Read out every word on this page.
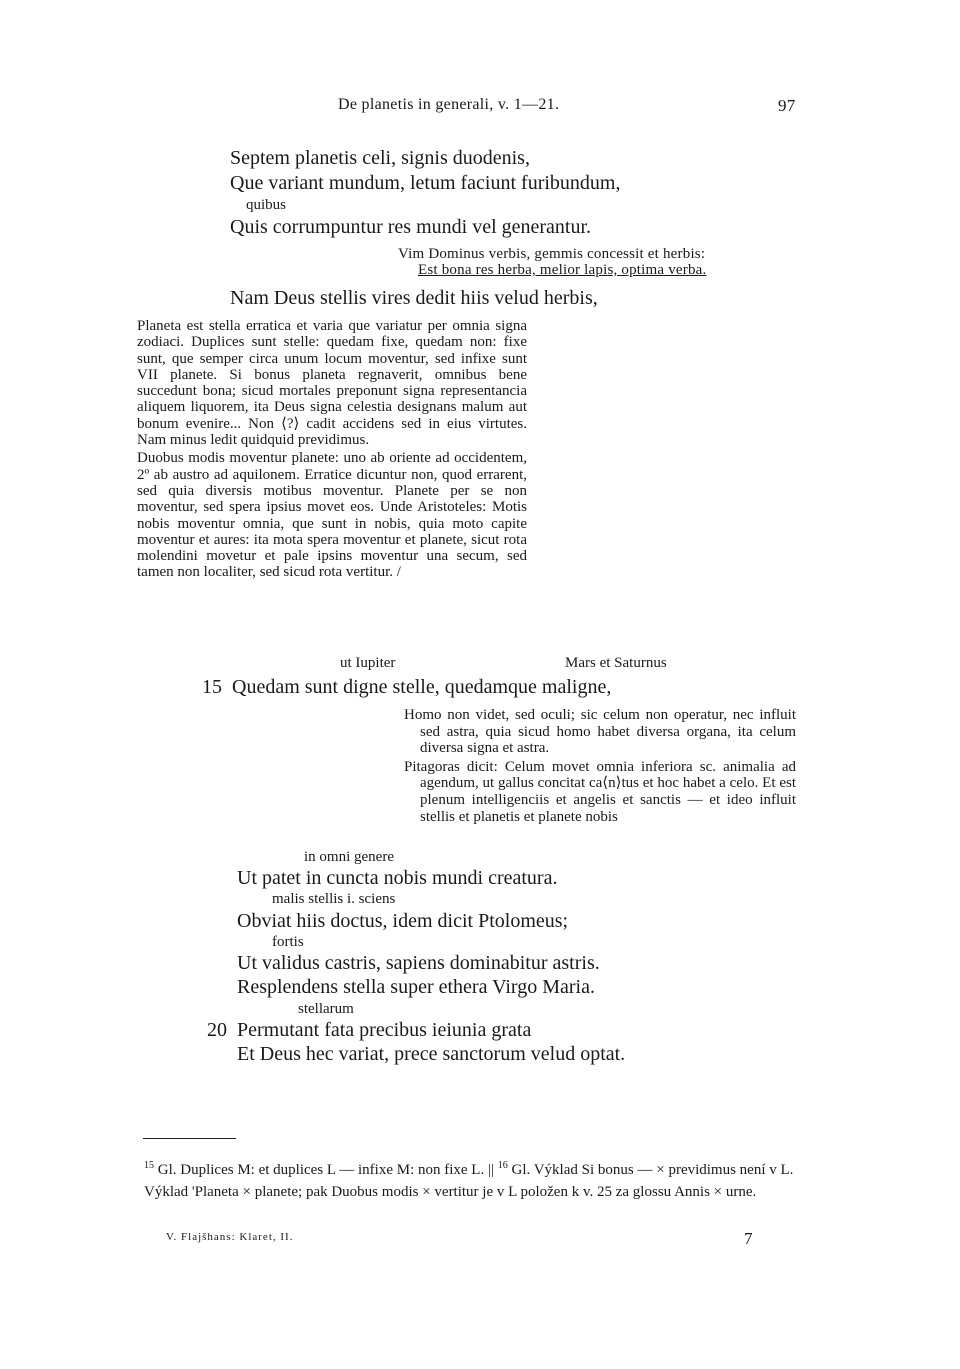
De planetis in generali, v. 1—21.	97
Septem planetis celi, signis duodenis,
Que variant mundum, letum faciunt furibundum,
quibus
Quis corrumpuntur res mundi vel generantur.
Vim Dominus verbis, gemmis concessit et herbis:
Est bona res herba, melior lapis, optima verba.
Nam Deus stellis vires dedit hiis velud herbis,

Planeta est stella erratica et varia que variatur per omnia signa zodiaci. Duplices sunt stelle: quedam fixe, quedam non: fixe sunt, que semper circa unum locum moventur, sed infixe sunt VII planete. Si bonus planeta regnaverit, omnibus bene succedunt bona; sicud mortales preponunt signa representancia aliquem liquorem, ita Deus signa celestia designans malum aut bonum evenire... Non ⟨?⟩ cadit accidens sed in eius virtutes. Nam minus ledit quidquid previdimus.

Duobus modis moventur planete: uno ab oriente ad occidentem, 2º ab austro ad aquilonem. Erratice dicuntur non, quod errarent, sed quia diversis motibus moventur. Planete per se non moventur, sed spera ipsius movet eos. Unde Aristoteles: Motis nobis moventur omnia, que sunt in nobis, quia moto capite moventur et aures: ita mota spera moventur et planete, sicut rota molendini movetur et pale ipsins moventur una secum, sed tamen non localiter, sed sicud rota vertitur. /

ut Iupiter	Mars et Saturnus
15 Quedam sunt digne stelle, quedamque maligne,

Homo non videt, sed oculi; sic celum non operatur, nec influit sed astra, quia sicud homo habet diversa organa, ita celum diversa signa et astra.

Pitagoras dicit: Celum movet omnia inferiora sc. animalia ad agendum, ut gallus concitat ca⟨n⟩tus et hoc habet a celo. Et est plenum intelligenciis et angelis et sanctis — et ideo influit stellis et planetis et planete nobis

in omni genere
Ut patet in cuncta nobis mundi creatura.
malis stellis i. sciens
Obviat hiis doctus, idem dicit Ptolomeus;
fortis
Ut validus castris, sapiens dominabitur astris.
Resplendens stella super ethera Virgo Maria.
stellarum
20 Permutant fata precibus ieiunia grata
Et Deus hec variat, prece sanctorum velud optat.
$^{15}$ Gl. Duplices M: et duplices L — infixe M: non fixe L. || $^{16}$ Gl. Výklad Si bonus — × previdimus není v L. Výklad 'Planeta × planete; pak Duobus modis × vertitur je v L položen k v. 25 za glossu Annis × urne.
V. Flajšhans: Klaret, II.	7
